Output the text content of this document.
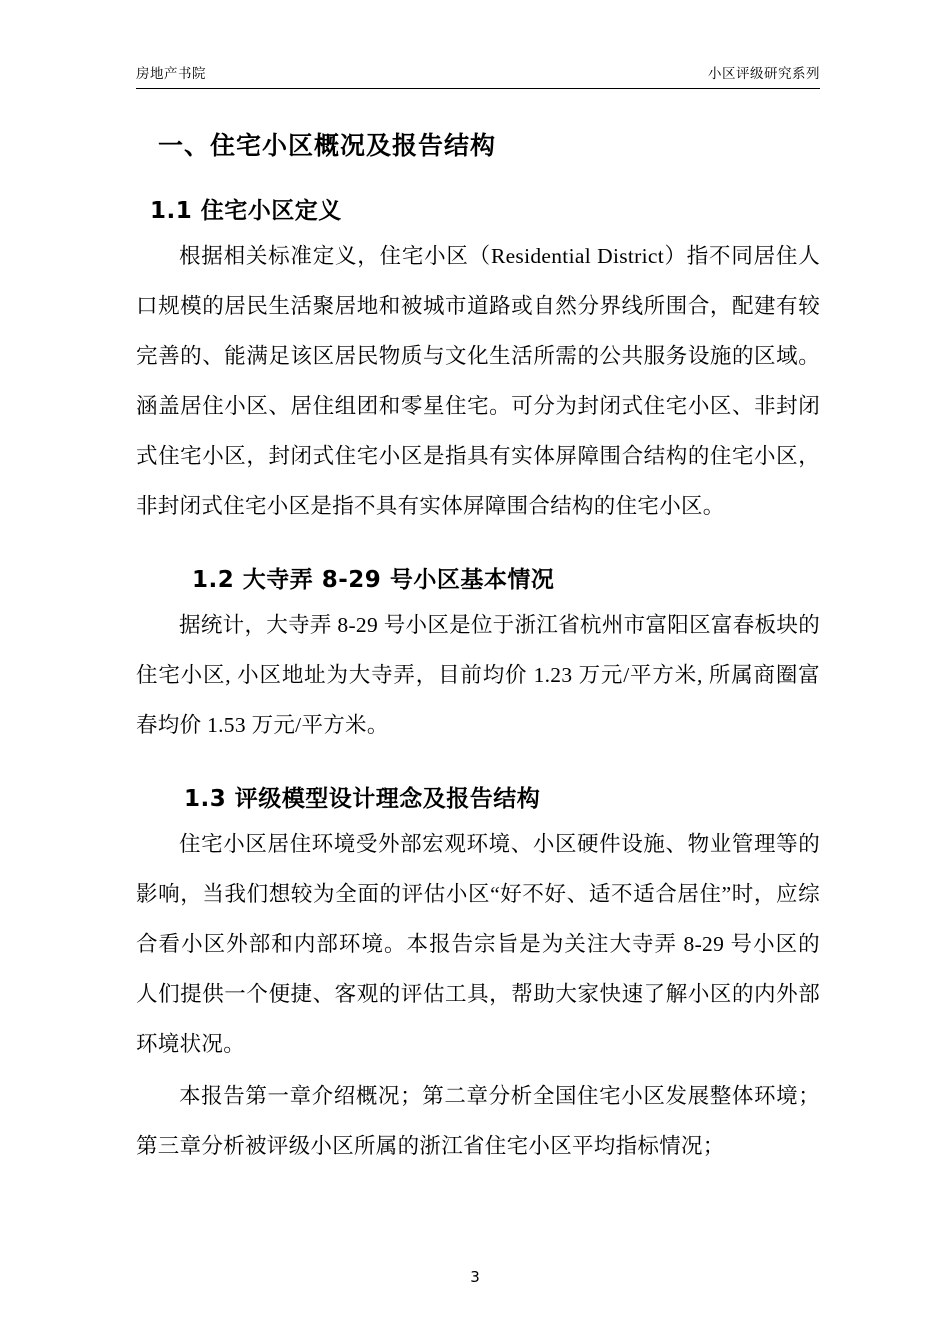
房地产书院	小区评级研究系列
一、住宅小区概况及报告结构
1.1 住宅小区定义

根据相关标准定义，住宅小区（Residential District）指不同居住人口规模的居民生活聚居地和被城市道路或自然分界线所围合，配建有较完善的、能满足该区居民物质与文化生活所需的公共服务设施的区域。涵盖居住小区、居住组团和零星住宅。可分为封闭式住宅小区、非封闭式住宅小区，封闭式住宅小区是指具有实体屏障围合结构的住宅小区，非封闭式住宅小区是指不具有实体屏障围合结构的住宅小区。

1.2 大寺弄 8-29 号小区基本情况

据统计，大寺弄 8-29 号小区是位于浙江省杭州市富阳区富春板块的住宅小区, 小区地址为大寺弄，目前均价 1.23 万元/平方米, 所属商圈富春均价 1.53 万元/平方米。

1.3 评级模型设计理念及报告结构

住宅小区居住环境受外部宏观环境、小区硬件设施、物业管理等的影响，当我们想较为全面的评估小区“好不好、适不适合居住”时，应综合看小区外部和内部环境。本报告宗旨是为关注大寺弄 8-29 号小区的人们提供一个便捷、客观的评估工具，帮助大家快速了解小区的内外部环境状况。

本报告第一章介绍概况；第二章分析全国住宅小区发展整体环境；第三章分析被评级小区所属的浙江省住宅小区平均指标情况；

3
